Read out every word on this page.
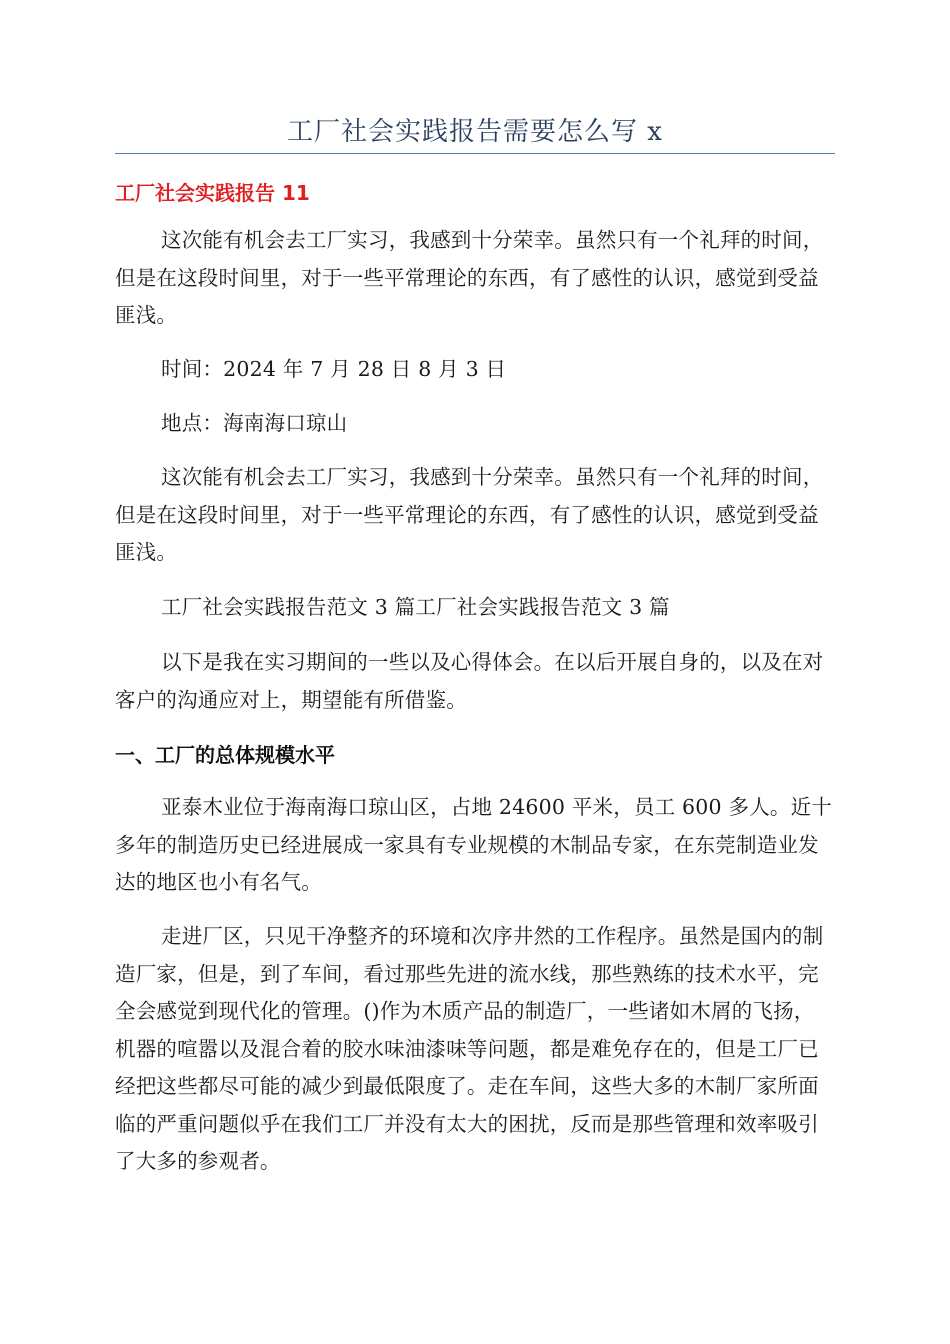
工厂社会实践报告需要怎么写 x
工厂社会实践报告 11

这次能有机会去工厂实习，我感到十分荣幸。虽然只有一个礼拜的时间，但是在这段时间里，对于一些平常理论的东西，有了感性的认识，感觉到受益匪浅。

时间：2024 年 7 月 28 日 8 月 3 日

地点：海南海口琼山

这次能有机会去工厂实习，我感到十分荣幸。虽然只有一个礼拜的时间，但是在这段时间里，对于一些平常理论的东西，有了感性的认识，感觉到受益匪浅。

工厂社会实践报告范文 3 篇工厂社会实践报告范文 3 篇

以下是我在实习期间的一些以及心得体会。在以后开展自身的，以及在对客户的沟通应对上，期望能有所借鉴。

一、工厂的总体规模水平

亚泰木业位于海南海口琼山区，占地 24600 平米，员工 600 多人。近十多年的制造历史已经进展成一家具有专业规模的木制品专家，在东莞制造业发达的地区也小有名气。

走进厂区，只见干净整齐的环境和次序井然的工作程序。虽然是国内的制造厂家，但是，到了车间，看过那些先进的流水线，那些熟练的技术水平，完全会感觉到现代化的管理。()作为木质产品的制造厂，一些诸如木屑的飞扬，机器的喧嚣以及混合着的胶水味油漆味等问题，都是难免存在的，但是工厂已经把这些都尽可能的减少到最低限度了。走在车间，这些大多的木制厂家所面临的严重问题似乎在我们工厂并没有太大的困扰，反而是那些管理和效率吸引了大多的参观者。
